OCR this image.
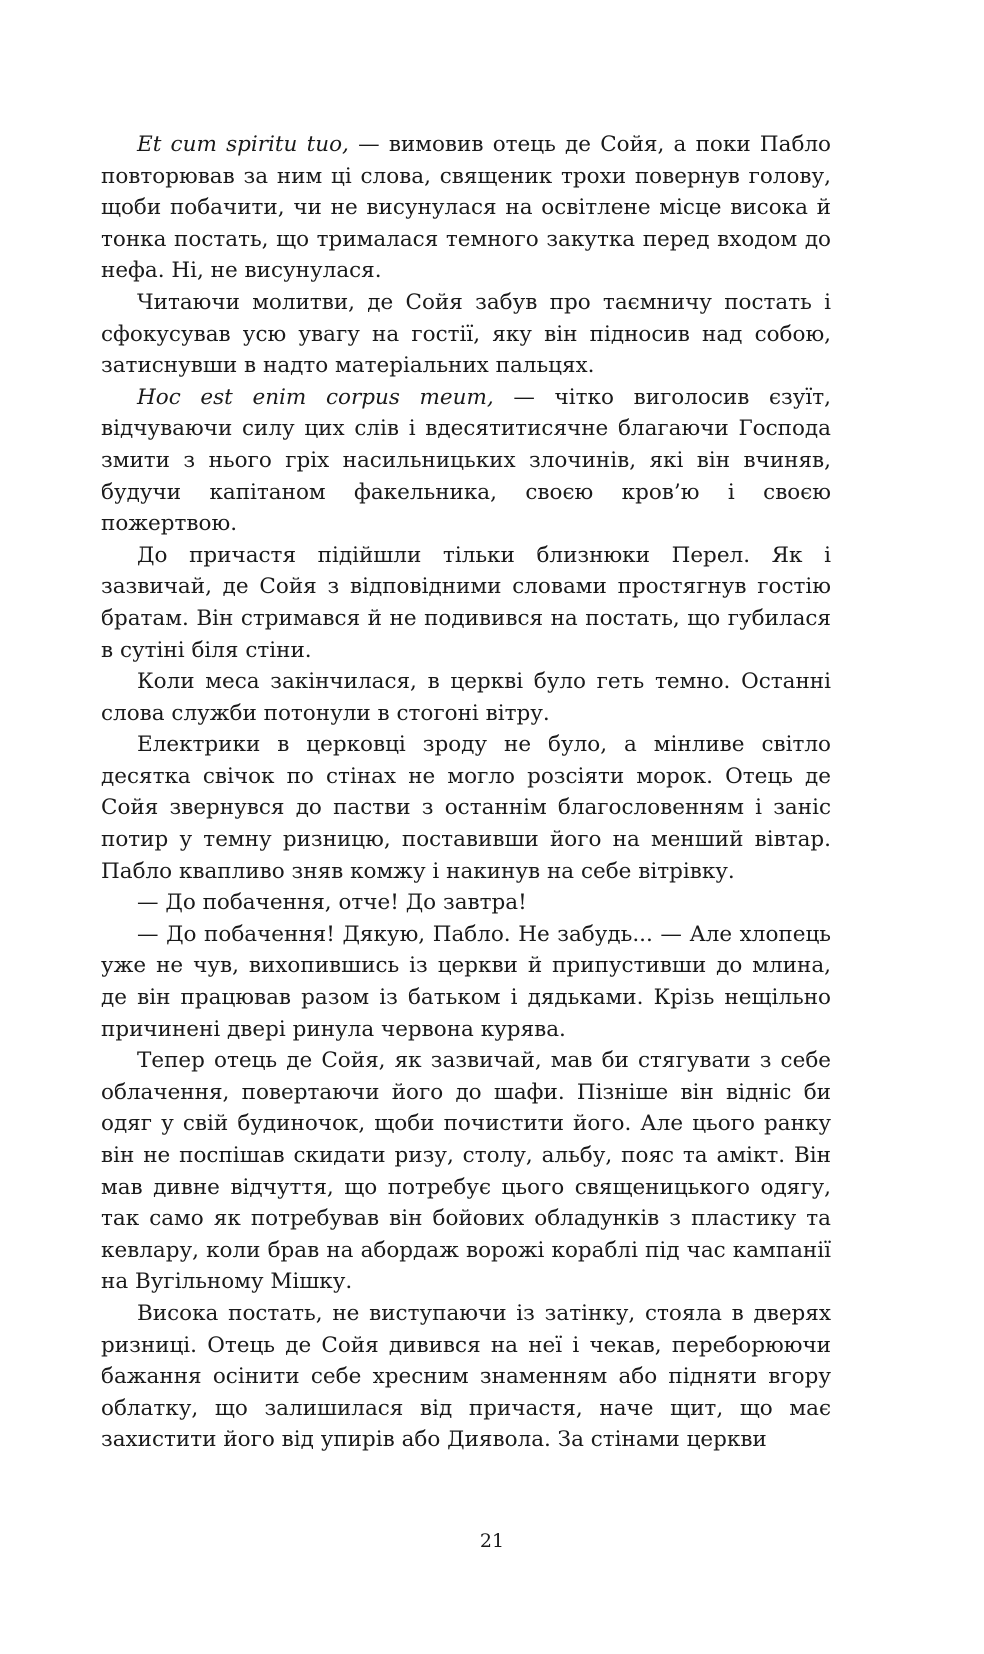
Et cum spiritu tuo, — вимовив отець де Сойя, а поки Пабло повторював за ним ці слова, священик трохи повернув голову, щоби побачити, чи не висунулася на освітлене місце висока й тонка постать, що трималася темного закутка перед входом до нефа. Ні, не висунулася.

Читаючи молитви, де Сойя забув про таємничу постать і сфокусував усю увагу на гостії, яку він підносив над собою, затиснувши в надто матеріальних пальцях.

Hoc est enim corpus meum, — чітко виголосив єзуїт, відчуваючи силу цих слів і вдесятитисячне благаючи Господа змити з нього гріх насильницьких злочинів, які він вчиняв, будучи капітаном факельника, своєю кров’ю і своєю пожертвою.

До причастя підійшли тільки близнюки Перел. Як і зазвичай, де Сойя з відповідними словами простягнув гостію братам. Він стримався й не подивився на постать, що губилася в сутіні біля стіни.

Коли меса закінчилася, в церкві було геть темно. Останні слова служби потонули в стогоні вітру.

Електрики в церковці зроду не було, а мінливе світло десятка свічок по стінах не могло розсіяти морок. Отець де Сойя звернувся до пастви з останнім благословенням і заніс потир у темну ризницю, поставивши його на менший вівтар. Пабло квапливо зняв комжу і накинув на себе вітрівку.

— До побачення, отче! До завтра!

— До побачення! Дякую, Пабло. Не забудь... — Але хлопець уже не чув, вихопившись із церкви й припустивши до млина, де він працював разом із батьком і дядьками. Крізь нещільно причинені двері ринула червона курява.

Тепер отець де Сойя, як зазвичай, мав би стягувати з себе облачення, повертаючи його до шафи. Пізніше він відніс би одяг у свій будиночок, щоби почистити його. Але цього ранку він не поспішав скидати ризу, столу, альбу, пояс та амікт. Він мав дивне відчуття, що потребує цього священицького одягу, так само як потребував він бойових обладунків з пластику та кевлару, коли брав на абордаж ворожі кораблі під час кампанії на Вугільному Мішку.

Висока постать, не виступаючи із затінку, стояла в дверях ризниці. Отець де Сойя дивився на неї і чекав, переборюючи бажання осінити себе хресним знаменням або підняти вгору облатку, що залишилася від причастя, наче щит, що має захистити його від упирів або Диявола. За стінами церкви

21
